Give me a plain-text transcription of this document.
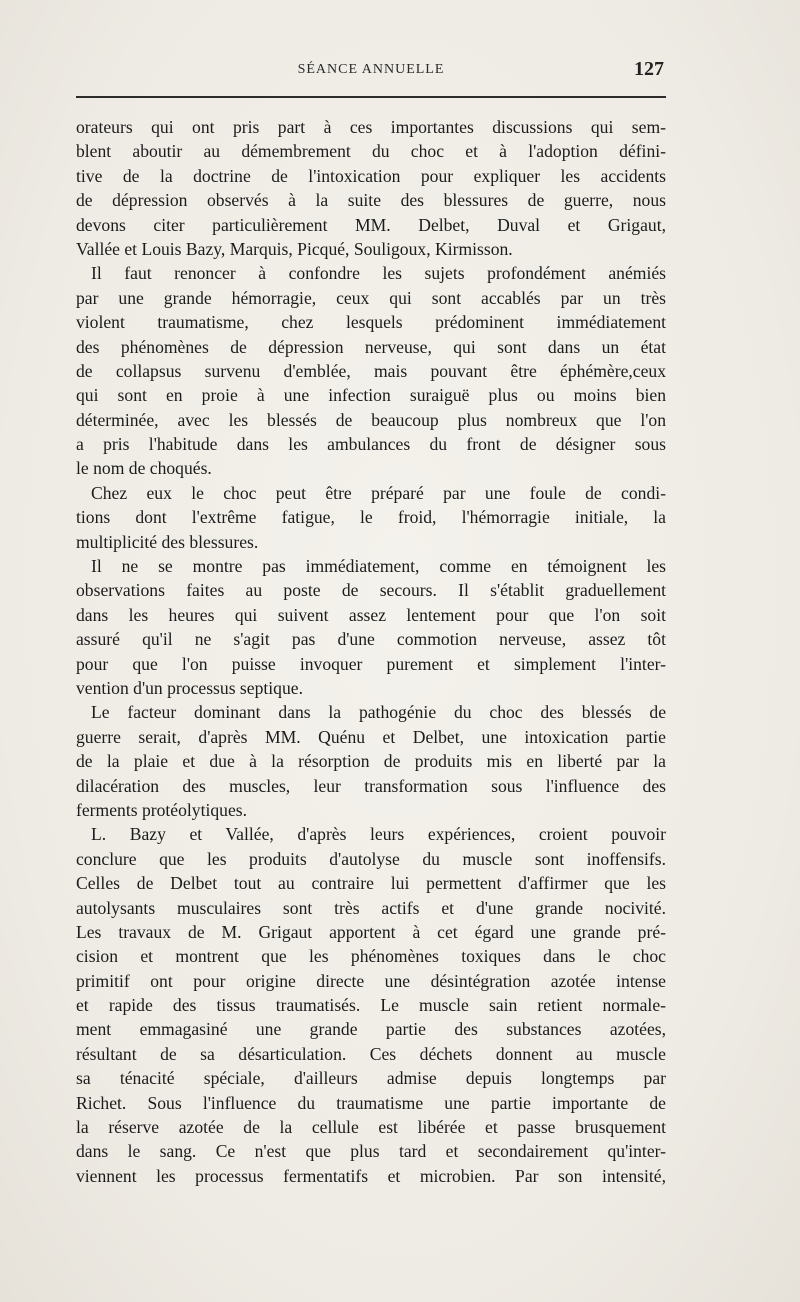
SÉANCE ANNUELLE	127
orateurs qui ont pris part à ces importantes discussions qui sem-
blent aboutir au démembrement du choc et à l'adoption défini-
tive de la doctrine de l'intoxication pour expliquer les accidents
de dépression observés à la suite des blessures de guerre, nous
devons citer particulièrement MM. Delbet, Duval et Grigaut,
Vallée et Louis Bazy, Marquis, Picqué, Souligoux, Kirmisson.
Il faut renoncer à confondre les sujets profondément anémiés
par une grande hémorragie, ceux qui sont accablés par un très
violent traumatisme, chez lesquels prédominent immédiatement
des phénomènes de dépression nerveuse, qui sont dans un état
de collapsus survenu d'emblée, mais pouvant être éphémère,ceux
qui sont en proie à une infection suraiguë plus ou moins bien
déterminée, avec les blessés de beaucoup plus nombreux que l'on
a pris l'habitude dans les ambulances du front de désigner sous
le nom de choqués.
Chez eux le choc peut être préparé par une foule de condi-
tions dont l'extrême fatigue, le froid, l'hémorragie initiale, la
multiplicité des blessures.
Il ne se montre pas immédiatement, comme en témoignent les
observations faites au poste de secours. Il s'établit graduellement
dans les heures qui suivent assez lentement pour que l'on soit
assuré qu'il ne s'agit pas d'une commotion nerveuse, assez tôt
pour que l'on puisse invoquer purement et simplement l'inter-
vention d'un processus septique.
Le facteur dominant dans la pathogénie du choc des blessés de
guerre serait, d'après MM. Quénu et Delbet, une intoxication partie
de la plaie et due à la résorption de produits mis en liberté par la
dilacération des muscles, leur transformation sous l'influence des
ferments protéolytiques.
L. Bazy et Vallée, d'après leurs expériences, croient pouvoir
conclure que les produits d'autolyse du muscle sont inoffensifs.
Celles de Delbet tout au contraire lui permettent d'affirmer que les
autolysants musculaires sont très actifs et d'une grande nocivité.
Les travaux de M. Grigaut apportent à cet égard une grande pré-
cision et montrent que les phénomènes toxiques dans le choc
primitif ont pour origine directe une désintégration azotée intense
et rapide des tissus traumatisés. Le muscle sain retient normale-
ment emmagasiné une grande partie des substances azotées,
résultant de sa désarticulation. Ces déchets donnent au muscle
sa ténacité spéciale, d'ailleurs admise depuis longtemps par
Richet. Sous l'influence du traumatisme une partie importante de
la réserve azotée de la cellule est libérée et passe brusquement
dans le sang. Ce n'est que plus tard et secondairement qu'inter-
viennent les processus fermentatifs et microbien. Par son intensité,
